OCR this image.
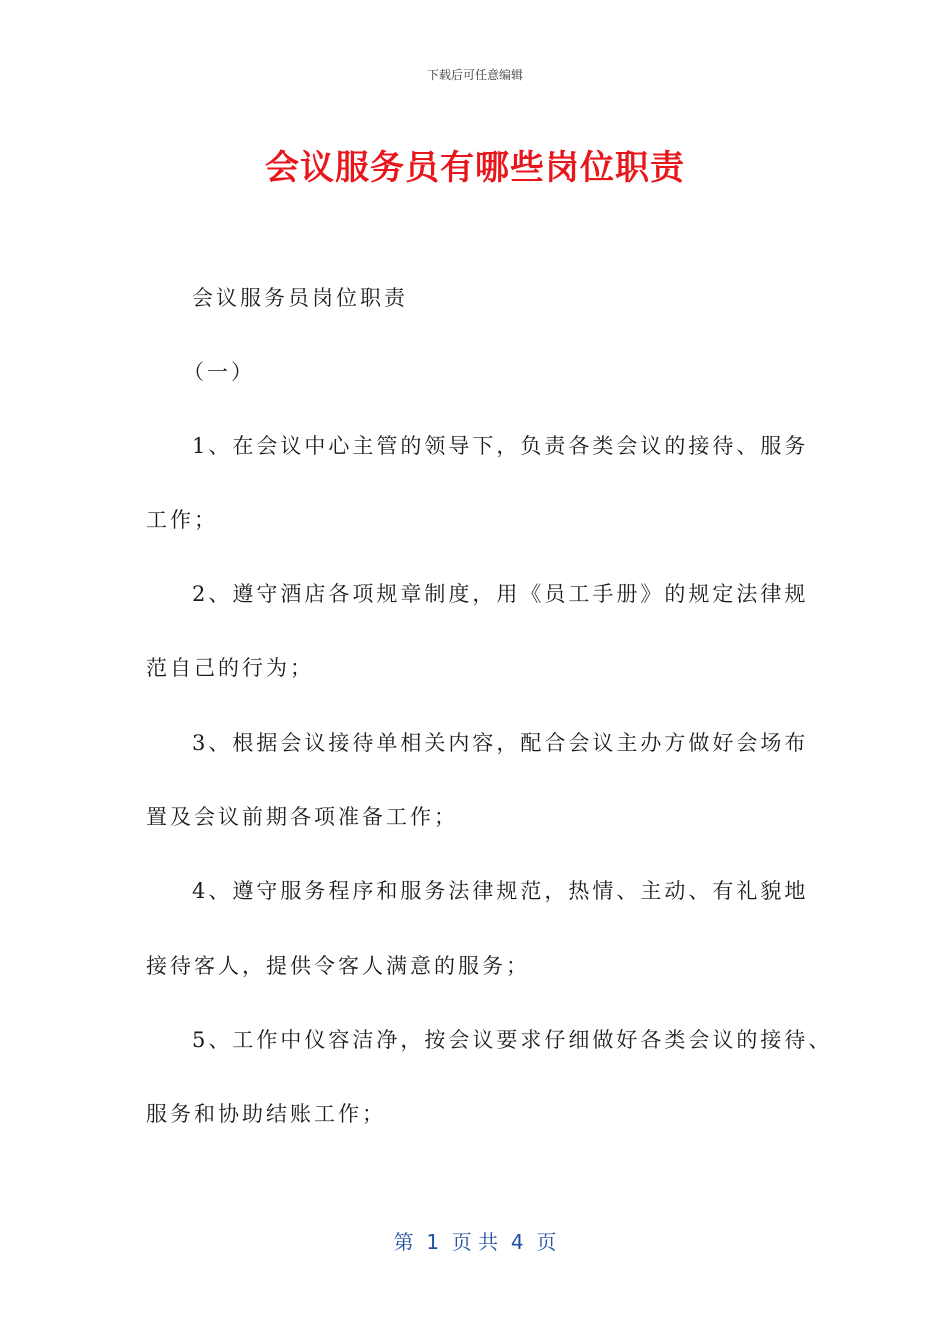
下载后可任意编辑
会议服务员有哪些岗位职责
会议服务员岗位职责
（一）
1、在会议中心主管的领导下，负责各类会议的接待、服务
工作；
2、遵守酒店各项规章制度，用《员工手册》的规定法律规
范自己的行为；
3、根据会议接待单相关内容，配合会议主办方做好会场布
置及会议前期各项准备工作；
4、遵守服务程序和服务法律规范，热情、主动、有礼貌地
接待客人，提供令客人满意的服务；
5、工作中仪容洁净，按会议要求仔细做好各类会议的接待、
服务和协助结账工作；
第  1  页 共  4  页
